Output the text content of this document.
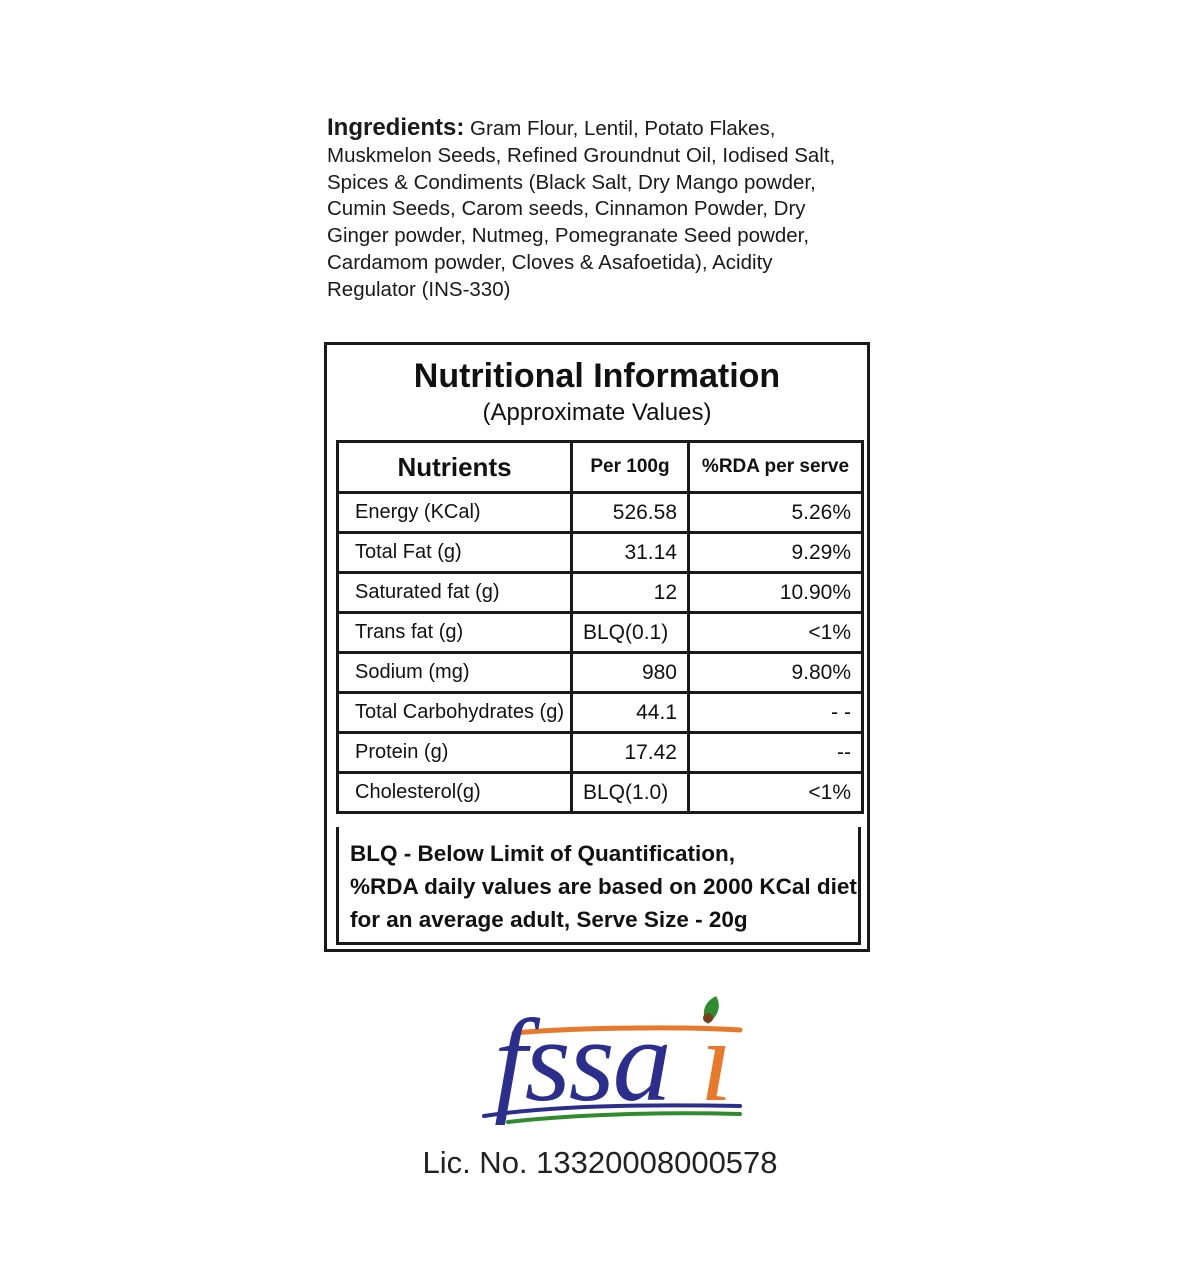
Ingredients: Gram Flour, Lentil, Potato Flakes,
Muskmelon Seeds, Refined Groundnut Oil, Iodised Salt,
Spices & Condiments (Black Salt, Dry Mango powder,
Cumin Seeds, Carom seeds, Cinnamon Powder, Dry
Ginger powder, Nutmeg, Pomegranate Seed powder,
Cardamom powder, Cloves & Asafoetida), Acidity
Regulator (INS-330)
Nutritional Information
(Approximate Values)
Nutrients	Per 100g	%RDA per serve
Energy (KCal)	526.58	5.26%
Total Fat (g)	31.14	9.29%
Saturated fat (g)	12	10.90%
Trans fat (g)	BLQ(0.1)	<1%
Sodium (mg)	980	9.80%
Total Carbohydrates (g)	44.1	- -
Protein (g)	17.42	--
Cholesterol(g)	BLQ(1.0)	<1%
BLQ - Below Limit of Quantification,
%RDA daily values are based on 2000 KCal diet
for an average adult, Serve Size - 20g
fssa ı
Lic. No. 13320008000578
